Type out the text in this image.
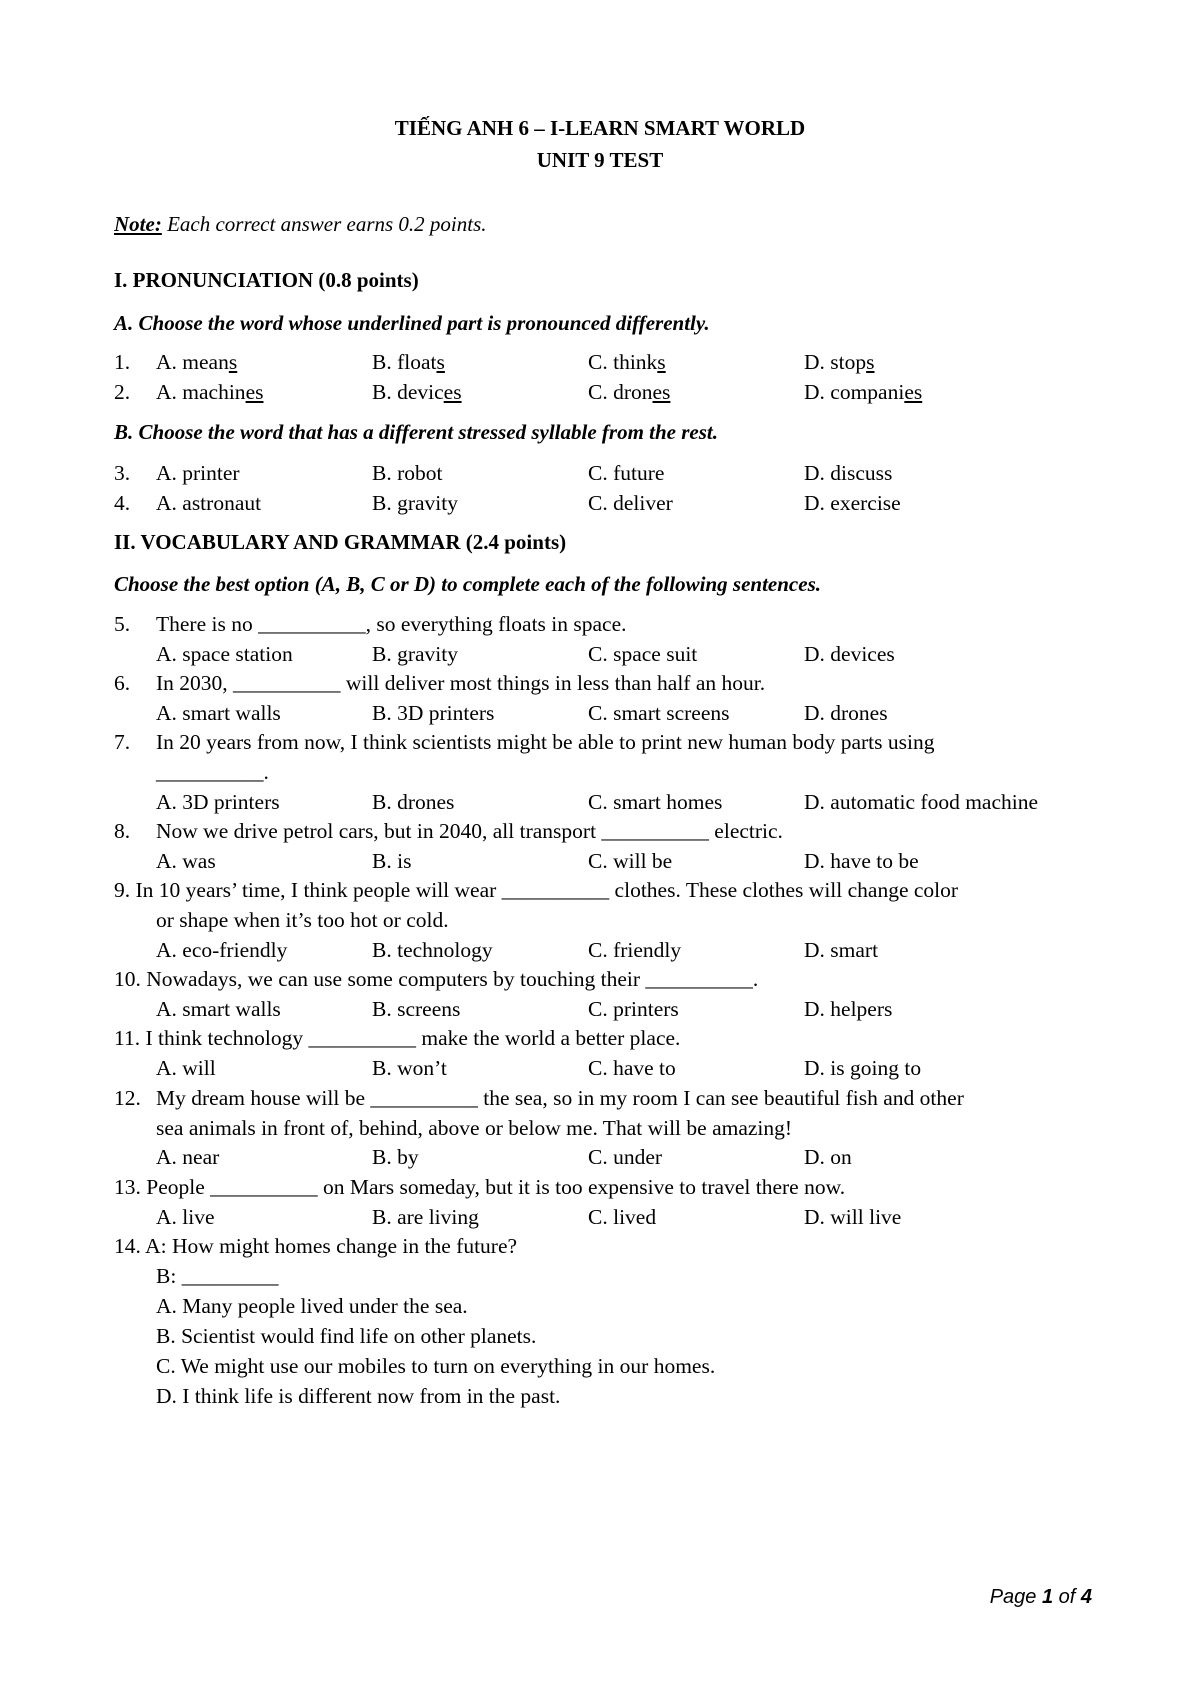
TIẾNG ANH 6 – I-LEARN SMART WORLD
UNIT 9 TEST
Note: Each correct answer earns 0.2 points.
I. PRONUNCIATION (0.8 points)
A. Choose the word whose underlined part is pronounced differently.
1. A. means	B. floats	C. thinks	D. stops
2. A. machines	B. devices	C. drones	D. companies
B. Choose the word that has a different stressed syllable from the rest.
3. A. printer	B. robot	C. future	D. discuss
4. A. astronaut	B. gravity	C. deliver	D. exercise
II. VOCABULARY AND GRAMMAR (2.4 points)
Choose the best option (A, B, C or D) to complete each of the following sentences.
5. There is no __________, so everything floats in space.
A. space station	B. gravity	C. space suit	D. devices
6. In 2030, __________ will deliver most things in less than half an hour.
A. smart walls	B. 3D printers	C. smart screens	D. drones
7. In 20 years from now, I think scientists might be able to print new human body parts using
__________.
A. 3D printers	B. drones	C. smart homes	D. automatic food machine
8. Now we drive petrol cars, but in 2040, all transport __________ electric.
A. was	B. is	C. will be	D. have to be
9. In 10 years’ time, I think people will wear __________ clothes. These clothes will change color
or shape when it’s too hot or cold.
A. eco-friendly	B. technology	C. friendly	D. smart
10. Nowadays, we can use some computers by touching their __________.
A. smart walls	B. screens	C. printers	D. helpers
11. I think technology __________ make the world a better place.
A. will	B. won’t	C. have to	D. is going to
12. My dream house will be __________ the sea, so in my room I can see beautiful fish and other
sea animals in front of, behind, above or below me. That will be amazing!
A. near	B. by	C. under	D. on
13. People __________ on Mars someday, but it is too expensive to travel there now.
A. live	B. are living	C. lived	D. will live
14. A: How might homes change in the future?
B: _________
A. Many people lived under the sea.
B. Scientist would find life on other planets.
C. We might use our mobiles to turn on everything in our homes.
D. I think life is different now from in the past.
Page 1 of 4
